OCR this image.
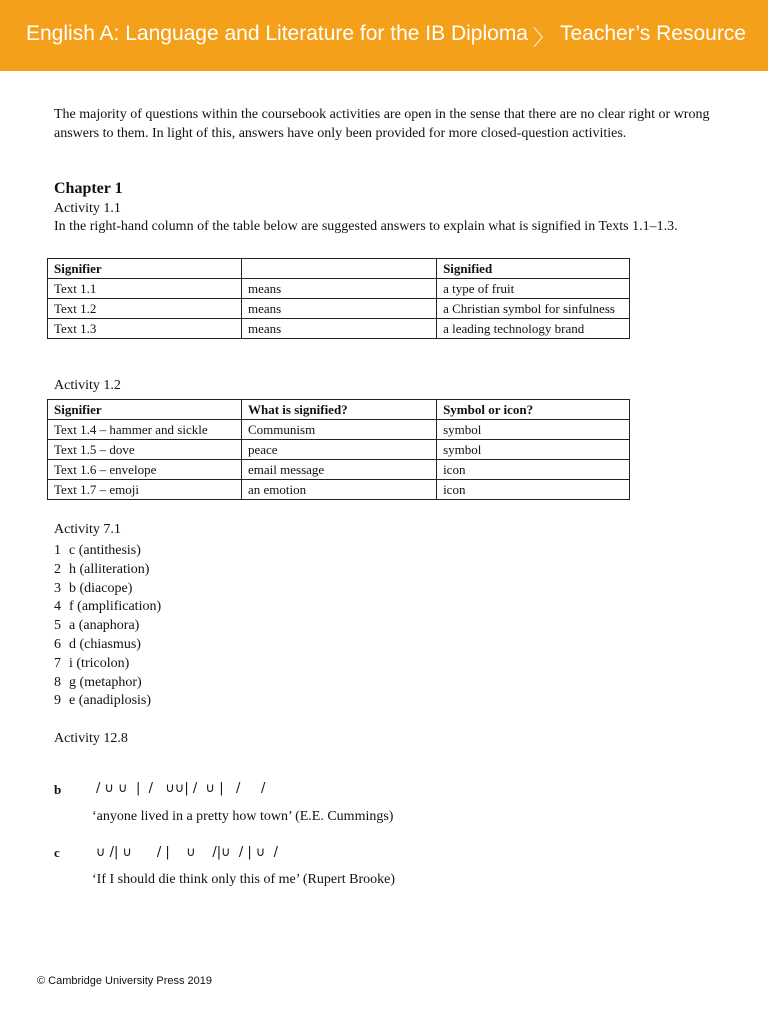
English A: Language and Literature for the IB Diploma 〉 Teacher’s Resource
The majority of questions within the coursebook activities are open in the sense that there are no clear right or wrong answers to them. In light of this, answers have only been provided for more closed-question activities.
Chapter 1
Activity 1.1
In the right-hand column of the table below are suggested answers to explain what is signified in Texts 1.1–1.3.
Signifier		Signified
Text 1.1	means	a type of fruit
Text 1.2	means	a Christian symbol for sinfulness
Text 1.3	means	a leading technology brand
Activity 1.2
Signifier	What is signified?	Symbol or icon?
Text 1.4 – hammer and sickle	Communism	symbol
Text 1.5 – dove	peace	symbol
Text 1.6 – envelope	email message	icon
Text 1.7 – emoji	an emotion	icon
Activity 7.1
1 c (antithesis)
2 h (alliteration)
3 b (diacope)
4 f (amplification)
5 a (anaphora)
6 d (chiasmus)
7 i (tricolon)
8 g (metaphor)
9 e (anadiplosis)
Activity 12.8
b	/ ∪ ∪  |  /   ∪∪| /  ∪ |   /     /
‘anyone lived in a pretty how town’ (E.E. Cummings)
c	∪ /| ∪      / |    ∪    /|∪  / | ∪  /
‘If I should die think only this of me’ (Rupert Brooke)
© Cambridge University Press 2019
